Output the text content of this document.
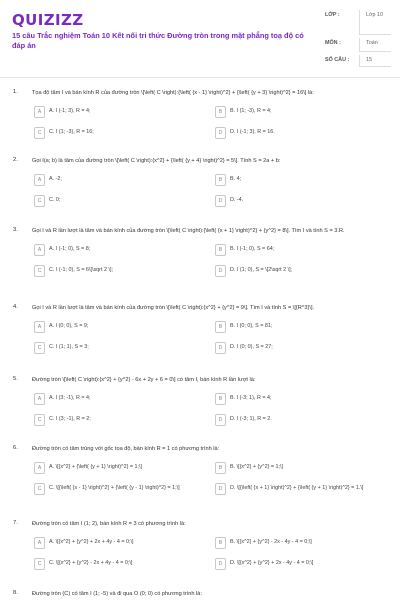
QUIZIZZ
15 câu Trắc nghiệm Toán 10 Kết nối tri thức Đường tròn trong mặt phẳng toạ độ có đáp án
LỚP :	Lớp 10
MÔN :	Toán
SỐ CÂU :	15
1.	Tọa độ tâm I và bán kính R của đường tròn \[\left( C \right):{\left( {x - 1} \right)^2} + {\left( {y + 3} \right)^2} = 16\] là:
A	A. I (-1; 3), R = 4;	B	B. I (1; -3), R = 4;
C	C. I (1; -3), R = 16;	D	D. I (-1; 3), R = 16.
2.	Gọi I(a; b) là tâm của đường tròn \[\left( C \right):{x^2} + {\left( {y + 4} \right)^2} = 5\]. Tính S = 2a + b:
A	A. -2;	B	B. 4;
C	C. 0;	D	D. -4.
3.	Gọi I và R lần lượt là tâm và bán kính của đường tròn \[\left( C \right):{\left( {x + 1} \right)^2} + {y^2} = 8\]. Tìm I và tính S = 3.R.
A	A. I (-1; 0), S = 8;	B	B. I (-1; 0), S = 64;
C	C. I (-1; 0), S = 6\[\sqrt 2 \];	D	D. I (1; 0), S = \[2\sqrt 2 \];
4.	Gọi I và R lần lượt là tâm và bán kính của đường tròn \[\left( C \right):{x^2} + {y^2} = 9\]. Tìm I và tính S = \[{R^3}\].
A	A. I (0; 0), S = 9;	B	B. I (0; 0), S = 81;
C	C. I (1; 1), S = 3;	D	D. I (0; 0), S = 27;
5.	Đường tròn \[\left( C \right):{x^2} + {y^2} - 6x + 2y + 6 = 0\] có tâm I, bán kính R lần lượt là:
A	A. I (3; -1), R = 4;	B	B. I (-3; 1), R = 4;
C	C. I (3; -1), R = 2;	D	D. I (-3; 1), R = 2.
6.	Đường tròn có tâm trùng với gốc tọa độ, bán kính R = 1 có phương trình là:
A	A. \[{x^2} + {\left( {y + 1} \right)^2} = 1;\]	B	B. \[{x^2} + {y^2} = 1;\]
C	C. \[{\left( {x - 1} \right)^2} + {\left( {y - 1} \right)^2} = 1;\]	D	D. \[{\left( {x + 1} \right)^2} + {\left( {y + 1} \right)^2} = 1.\]
7.	Đường tròn có tâm I (1; 2), bán kính R = 3 có phương trình là:
A	A. \[{x^2} + {y^2} + 2x + 4y - 4 = 0;\]	B	B. \[{x^2} + {y^2} - 2x - 4y - 4 = 0;\]
C	C. \[{x^2} + {y^2} - 2x + 4y - 4 = 0;\]	D	D. \[{x^2} + {y^2} + 2x - 4y - 4 = 0;\]
8.	Đường tròn (C) có tâm I (1; -5) và đi qua O (0; 0) có phương trình là:
